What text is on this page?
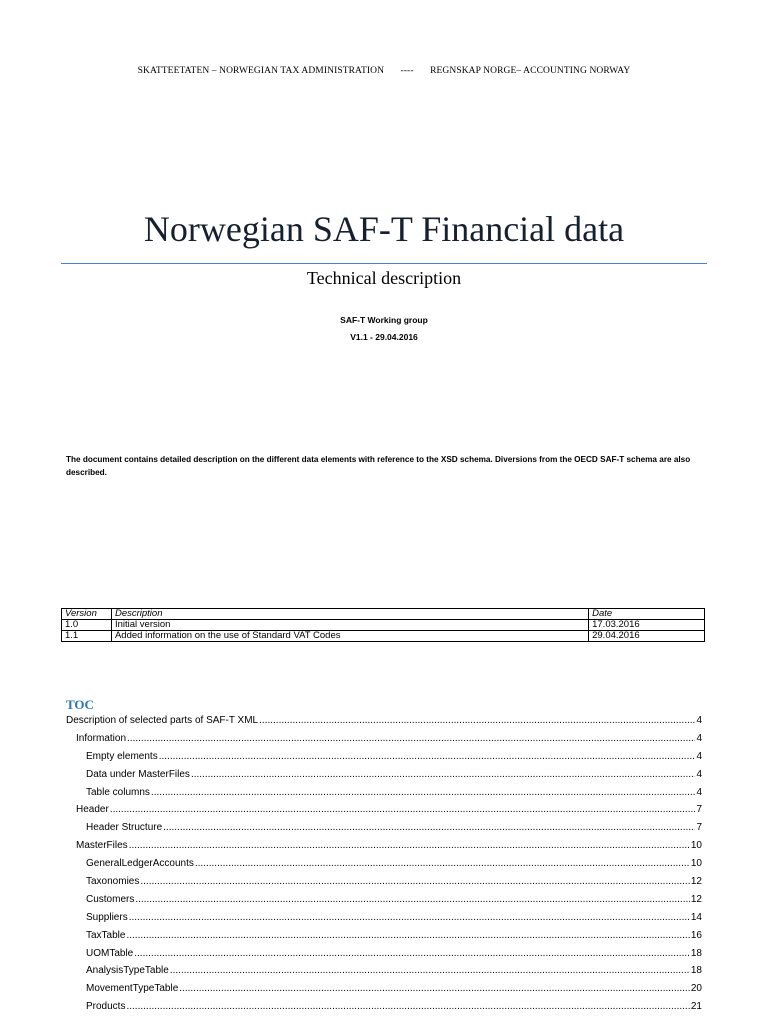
SKATTEETATEN – NORWEGIAN TAX ADMINISTRATION ---- REGNSKAP NORGE– ACCOUNTING NORWAY
Norwegian SAF-T Financial data
Technical description
SAF-T Working group
V1.1 - 29.04.2016
The document contains detailed description on the different data elements with reference to the XSD schema. Diversions from the OECD SAF-T schema are also described.
Version	Description	Date
1.0	Initial version	17.03.2016
1.1	Added information on the use of Standard VAT Codes	29.04.2016
TOC
Description of selected parts of SAF-T XML .....	4
Information .....	4
Empty elements .....	4
Data under MasterFiles .....	4
Table columns .....	4
Header .....	7
Header Structure .....	7
MasterFiles .....	10
GeneralLedgerAccounts .....	10
Taxonomies .....	12
Customers .....	12
Suppliers .....	14
TaxTable .....	16
UOMTable .....	18
AnalysisTypeTable .....	18
MovementTypeTable .....	20
Products .....	21
